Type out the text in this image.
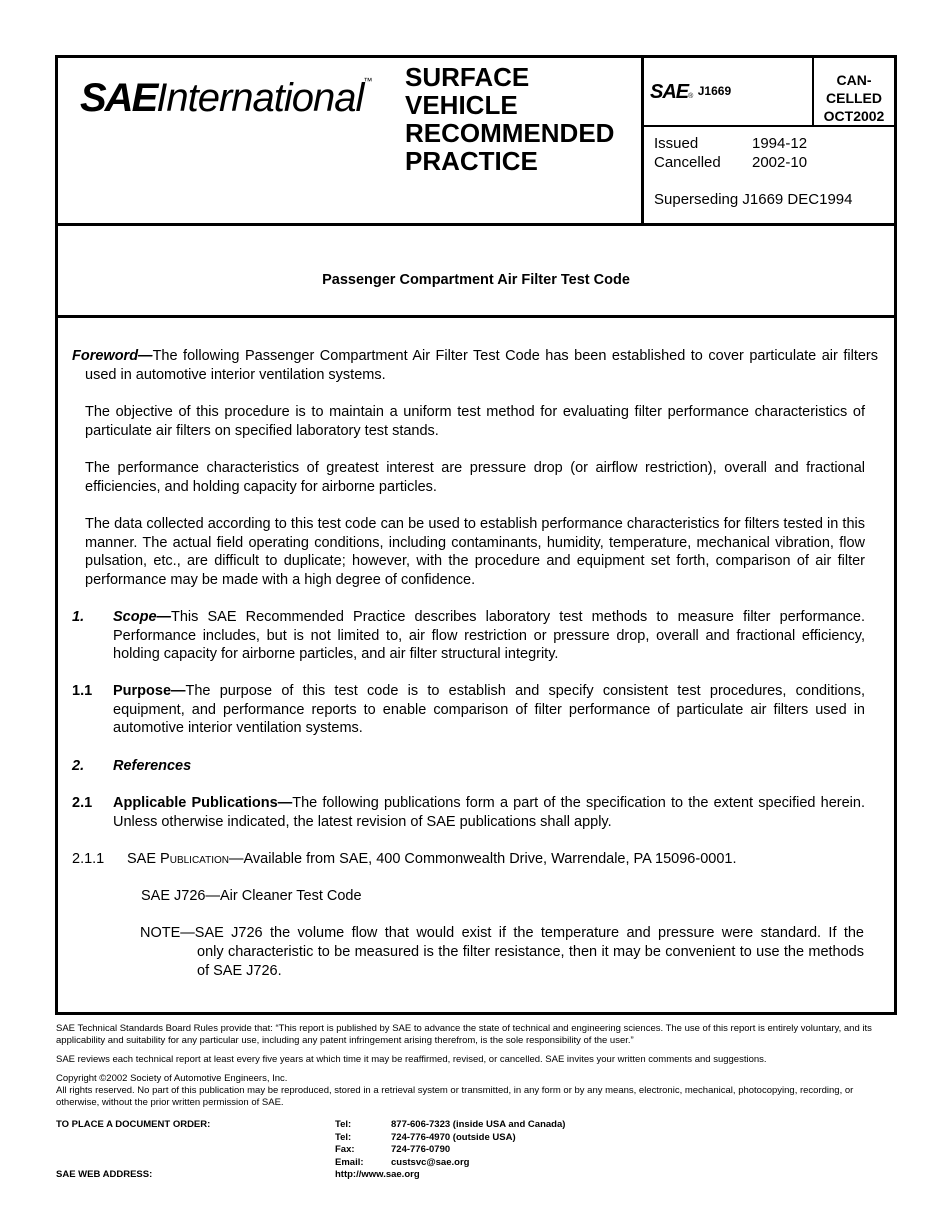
SAEInternational™ SURFACE
VEHICLE
RECOMMENDED
PRACTICE
SAE® J1669
CAN-
CELLED
OCT2002
Issued	1994-12
Cancelled 2002-10
Superseding J1669 DEC1994
Passenger Compartment Air Filter Test Code
Foreword—The following Passenger Compartment Air Filter Test Code has been established to cover particulate air filters used in automotive interior ventilation systems.
The objective of this procedure is to maintain a uniform test method for evaluating filter performance characteristics of particulate air filters on specified laboratory test stands.
The performance characteristics of greatest interest are pressure drop (or airflow restriction), overall and fractional efficiencies, and holding capacity for airborne particles.
The data collected according to this test code can be used to establish performance characteristics for filters tested in this manner. The actual field operating conditions, including contaminants, humidity, temperature, mechanical vibration, flow pulsation, etc., are difficult to duplicate; however, with the procedure and equipment set forth, comparison of air filter performance may be made with a high degree of confidence.
1. Scope—This SAE Recommended Practice describes laboratory test methods to measure filter performance. Performance includes, but is not limited to, air flow restriction or pressure drop, overall and fractional efficiency, holding capacity for airborne particles, and air filter structural integrity.
1.1 Purpose—The purpose of this test code is to establish and specify consistent test procedures, conditions, equipment, and performance reports to enable comparison of filter performance of particulate air filters used in automotive interior ventilation systems.
2. References
2.1 Applicable Publications—The following publications form a part of the specification to the extent specified herein. Unless otherwise indicated, the latest revision of SAE publications shall apply.
2.1.1 SAE Publication—Available from SAE, 400 Commonwealth Drive, Warrendale, PA 15096-0001.
SAE J726—Air Cleaner Test Code
NOTE—SAE J726 the volume flow that would exist if the temperature and pressure were standard. If the
only characteristic to be measured is the filter resistance, then it may be convenient to use the methods of SAE J726.
SAE Technical Standards Board Rules provide that: “This report is published by SAE to advance the state of technical and engineering sciences. The use of this report is entirely voluntary, and its applicability and suitability for any particular use, including any patent infringement arising therefrom, is the sole responsibility of the user.”
SAE reviews each technical report at least every five years at which time it may be reaffirmed, revised, or cancelled. SAE invites your written comments and suggestions.
Copyright ©2002 Society of Automotive Engineers, Inc.
All rights reserved. No part of this publication may be reproduced, stored in a retrieval system or transmitted, in any form or by any means, electronic, mechanical, photocopying, recording, or otherwise, without the prior written permission of SAE.
TO PLACE A DOCUMENT ORDER:
SAE WEB ADDRESS:
Tel:
Tel:
Fax:
Email:
877-606-7323 (inside USA and Canada)
724-776-4970 (outside USA)
724-776-0790
custsvc@sae.org
http://www.sae.org
